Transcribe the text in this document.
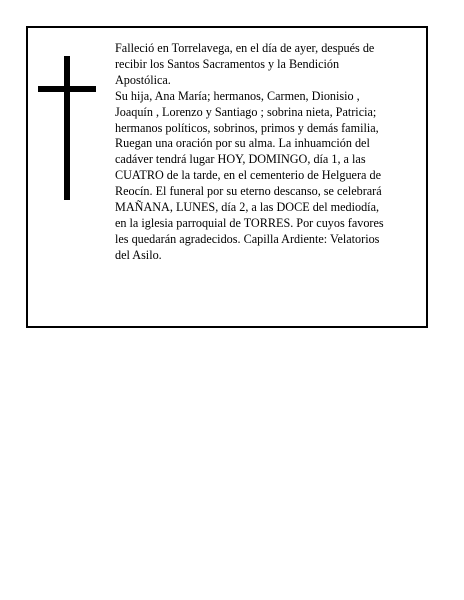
Falleció en Torrelavega, en el día de ayer, después de
recibir los Santos Sacramentos y la Bendición
Apostólica.
Su hija, Ana María; hermanos, Carmen, Dionisio ,
Joaquín , Lorenzo y Santiago ; sobrina nieta, Patricia;
hermanos políticos, sobrinos, primos y demás familia,
Ruegan una oración por su alma. La inhuamción del
cadáver tendrá lugar HOY, DOMINGO, día 1, a las
CUATRO de la tarde, en el cementerio de Helguera de
Reocín. El funeral por su eterno descanso, se celebrará
MAÑANA, LUNES, día 2, a las DOCE del mediodía,
en la iglesia parroquial de TORRES. Por cuyos favores
les quedarán agradecidos. Capilla Ardiente: Velatorios
del Asilo.
